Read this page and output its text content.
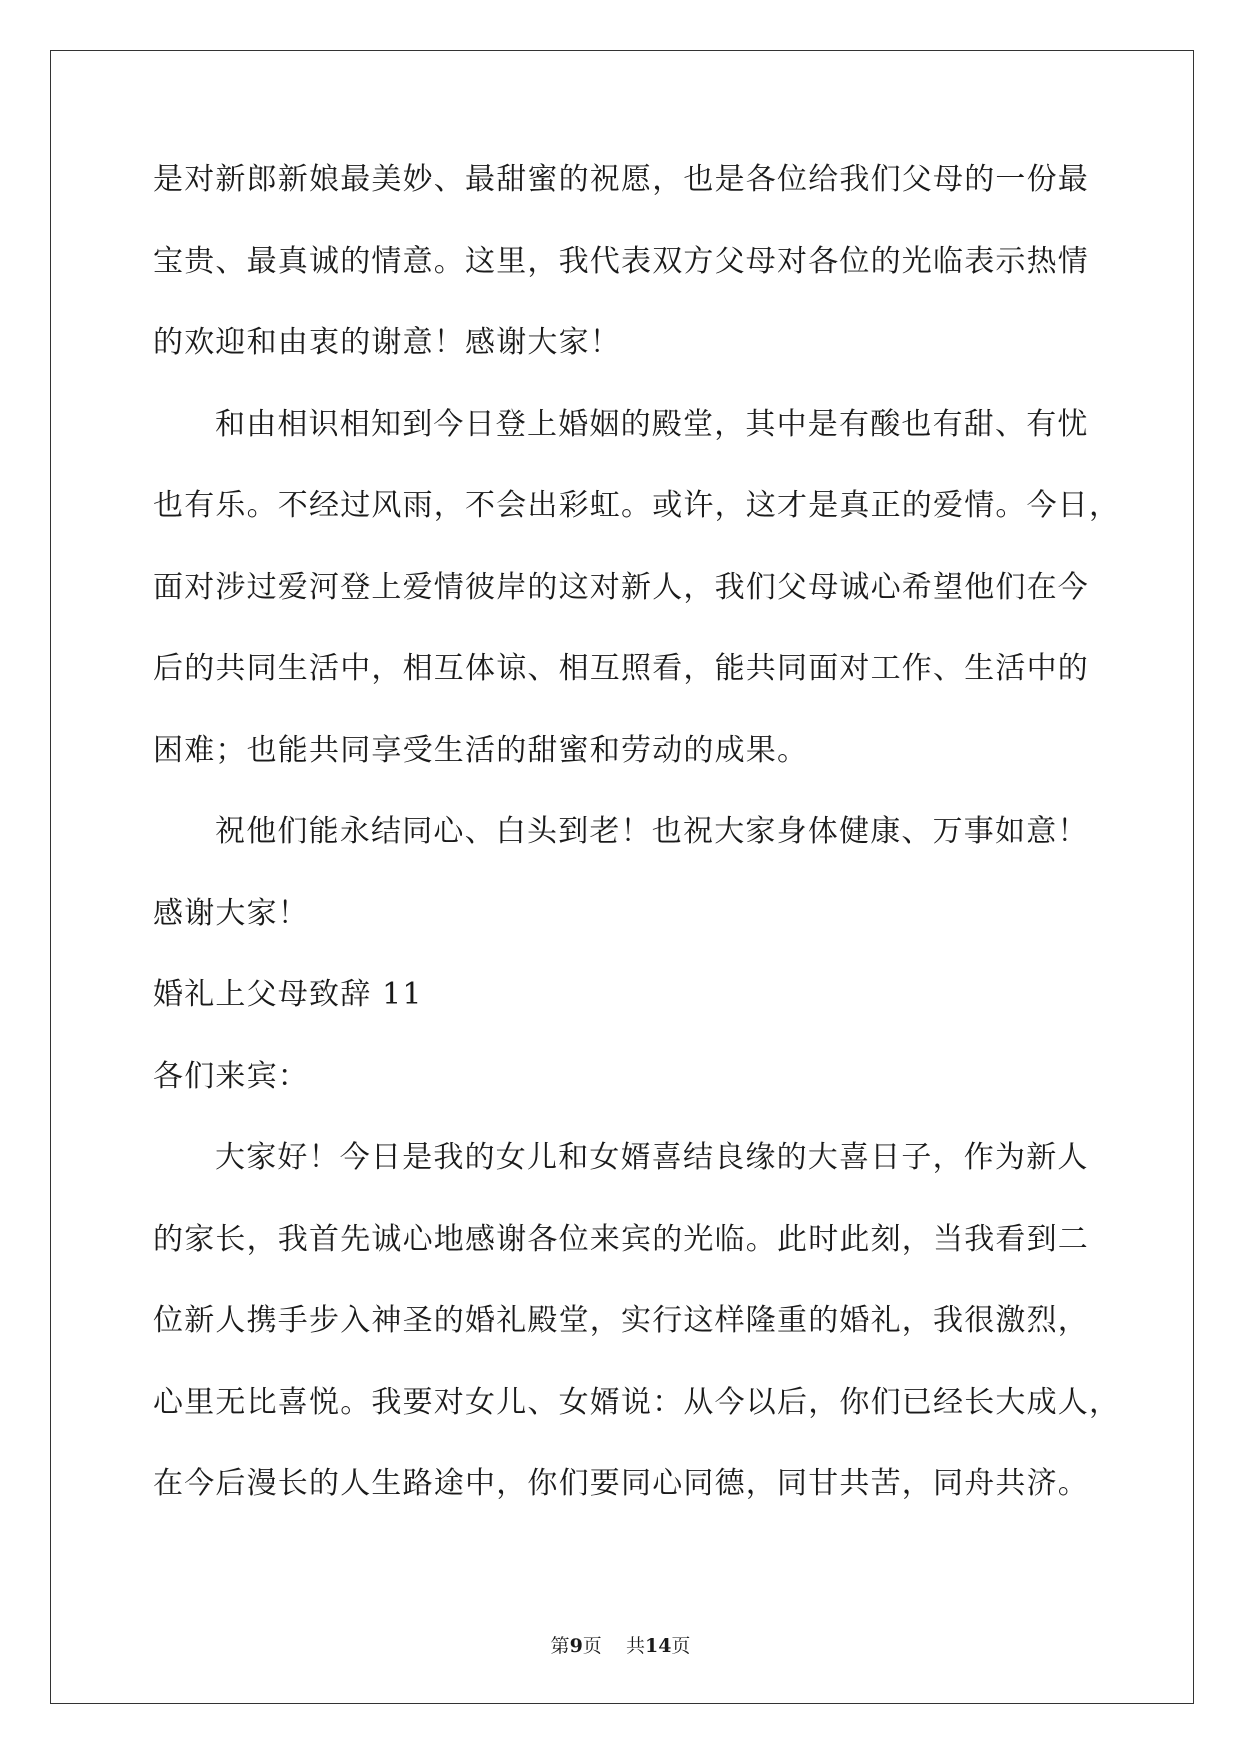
是对新郎新娘最美妙、最甜蜜的祝愿，也是各位给我们父母的一份最
宝贵、最真诚的情意。这里，我代表双方父母对各位的光临表示热情
的欢迎和由衷的谢意！感谢大家！
和由相识相知到今日登上婚姻的殿堂，其中是有酸也有甜、有忧
也有乐。不经过风雨，不会出彩虹。或许，这才是真正的爱情。今日，
面对涉过爱河登上爱情彼岸的这对新人，我们父母诚心希望他们在今
后的共同生活中，相互体谅、相互照看，能共同面对工作、生活中的
困难；也能共同享受生活的甜蜜和劳动的成果。
祝他们能永结同心、白头到老！也祝大家身体健康、万事如意！
感谢大家！
婚礼上父母致辞 11
各们来宾：
大家好！今日是我的女儿和女婿喜结良缘的大喜日子，作为新人
的家长，我首先诚心地感谢各位来宾的光临。此时此刻，当我看到二
位新人携手步入神圣的婚礼殿堂，实行这样隆重的婚礼，我很激烈，
心里无比喜悦。我要对女儿、女婿说：从今以后，你们已经长大成人，
在今后漫长的人生路途中，你们要同心同德，同甘共苦，同舟共济。
第9页    共14页
